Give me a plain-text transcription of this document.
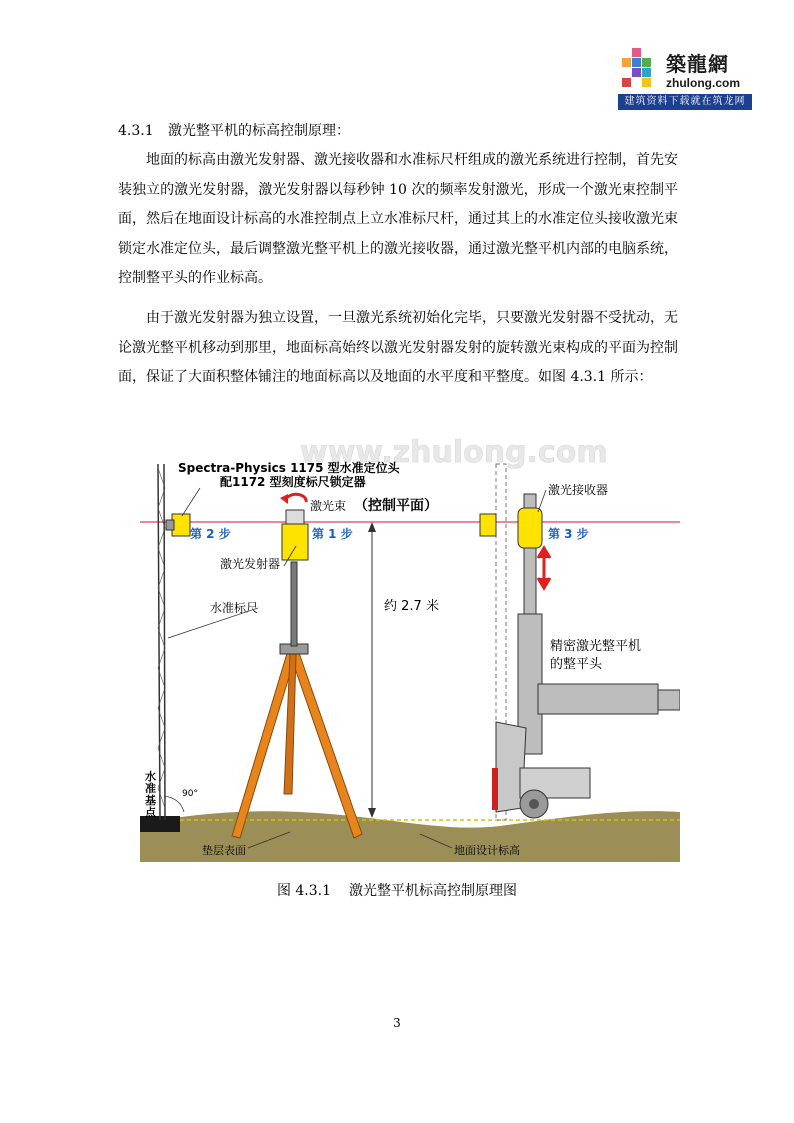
築龍網
zhulong.com
建筑资料下载就在筑龙网
4.3.1 激光整平机的标高控制原理：

地面的标高由激光发射器、激光接收器和水准标尺杆组成的激光系统进行控制，首先安装独立的激光发射器，激光发射器以每秒钟 10 次的频率发射激光，形成一个激光束控制平面，然后在地面设计标高的水准控制点上立水准标尺杆，通过其上的水准定位头接收激光束锁定水准定位头，最后调整激光整平机上的激光接收器，通过激光整平机内部的电脑系统，控制整平头的作业标高。

由于激光发射器为独立设置，一旦激光系统初始化完毕，只要激光发射器不受扰动，无论激光整平机移动到那里，地面标高始终以激光发射器发射的旋转激光束构成的平面为控制面，保证了大面积整体铺注的地面标高以及地面的水平度和平整度。如图 4.3.1 所示：

www.zhulong.com
90°
水
准
基
点
约 2.7 米
Spectra-Physics 1175 型水准定位头
配1172 型刻度标尺锁定器
激光束 （控制平面）
第 1 步
第 2 步	第 3 步
激光发射器
水准标尺
激光接收器
精密激光整平机
的整平头
垫层表面	地面设计标高
图 4.3.1 激光整平机标高控制原理图
3
